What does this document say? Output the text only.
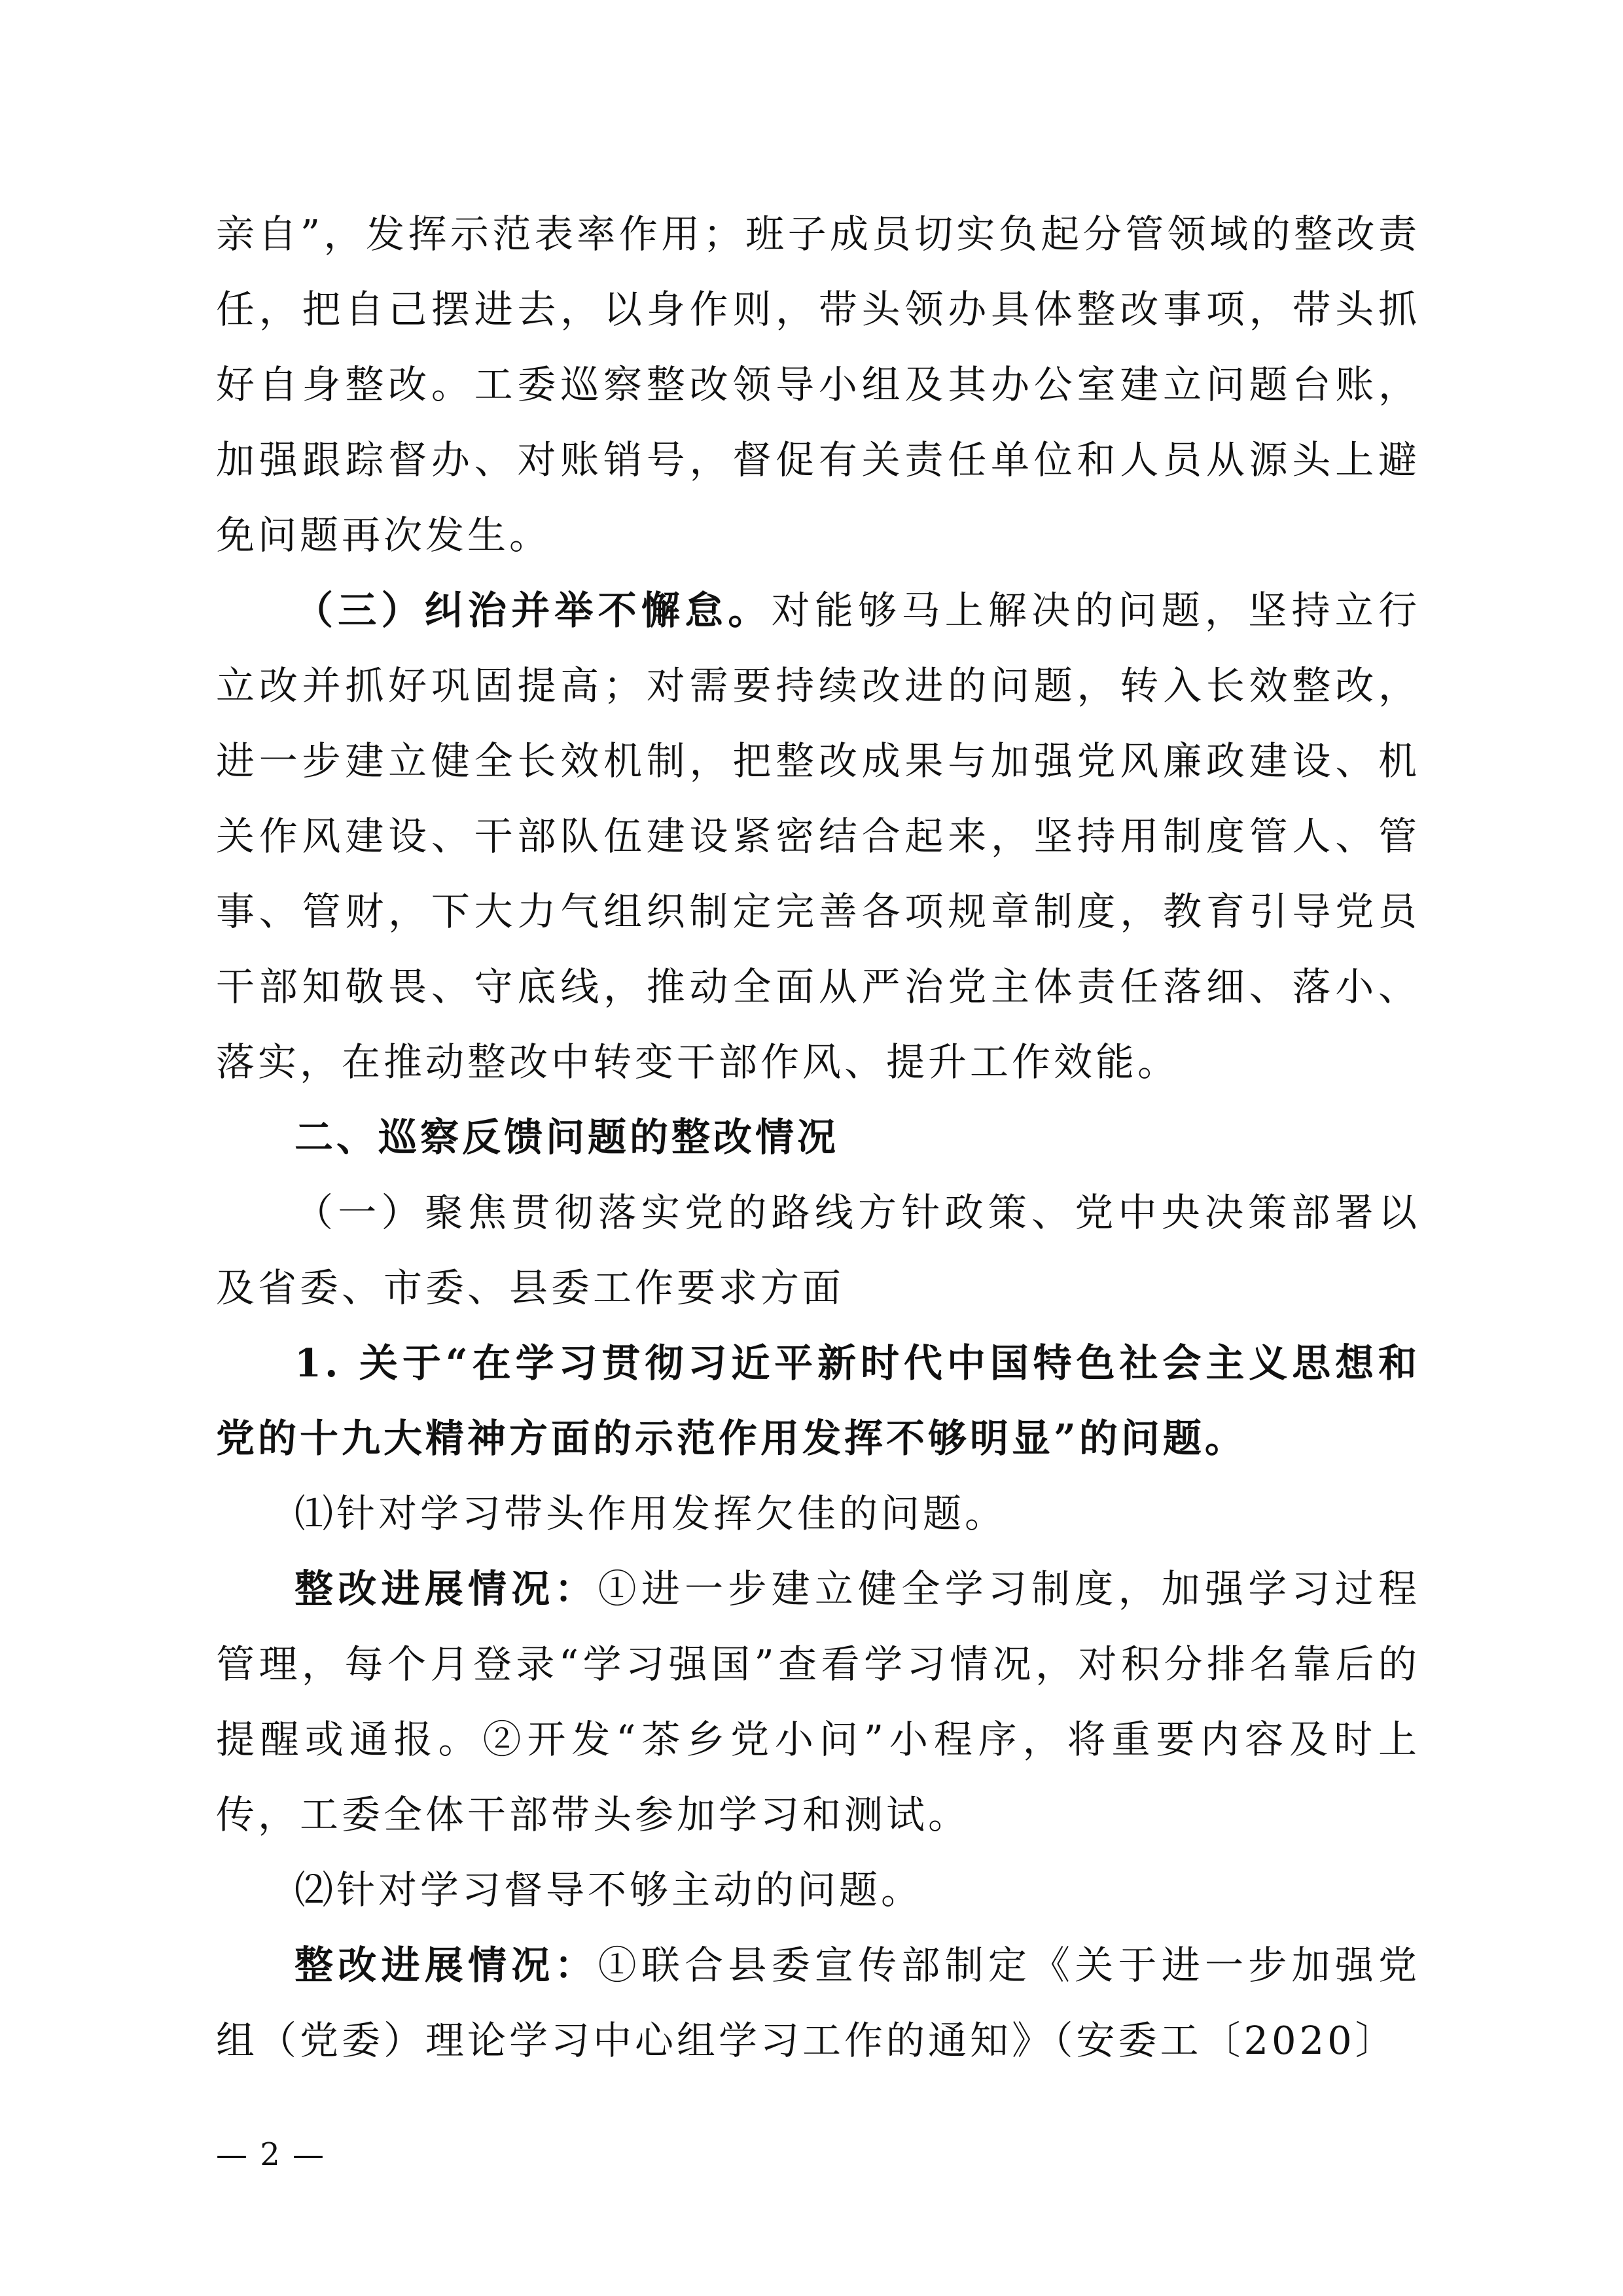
亲自”，发挥示范表率作用；班子成员切实负起分管领域的整改责任，把自己摆进去，以身作则，带头领办具体整改事项，带头抓好自身整改。工委巡察整改领导小组及其办公室建立问题台账，加强跟踪督办、对账销号，督促有关责任单位和人员从源头上避免问题再次发生。

（三）纠治并举不懈怠。对能够马上解决的问题，坚持立行立改并抓好巩固提高；对需要持续改进的问题，转入长效整改，进一步建立健全长效机制，把整改成果与加强党风廉政建设、机关作风建设、干部队伍建设紧密结合起来，坚持用制度管人、管事、管财，下大力气组织制定完善各项规章制度，教育引导党员干部知敬畏、守底线，推动全面从严治党主体责任落细、落小、落实，在推动整改中转变干部作风、提升工作效能。

二、巡察反馈问题的整改情况

（一）聚焦贯彻落实党的路线方针政策、党中央决策部署以及省委、市委、县委工作要求方面

1. 关于“在学习贯彻习近平新时代中国特色社会主义思想和党的十九大精神方面的示范作用发挥不够明显”的问题。

⑴针对学习带头作用发挥欠佳的问题。

整改进展情况：①进一步建立健全学习制度，加强学习过程管理，每个月登录“学习强国”查看学习情况，对积分排名靠后的提醒或通报。②开发“茶乡党小问”小程序，将重要内容及时上传，工委全体干部带头参加学习和测试。

⑵针对学习督导不够主动的问题。

整改进展情况：①联合县委宣传部制定《关于进一步加强党组（党委）理论学习中心组学习工作的通知》（安委工〔2020〕

— 2 —
